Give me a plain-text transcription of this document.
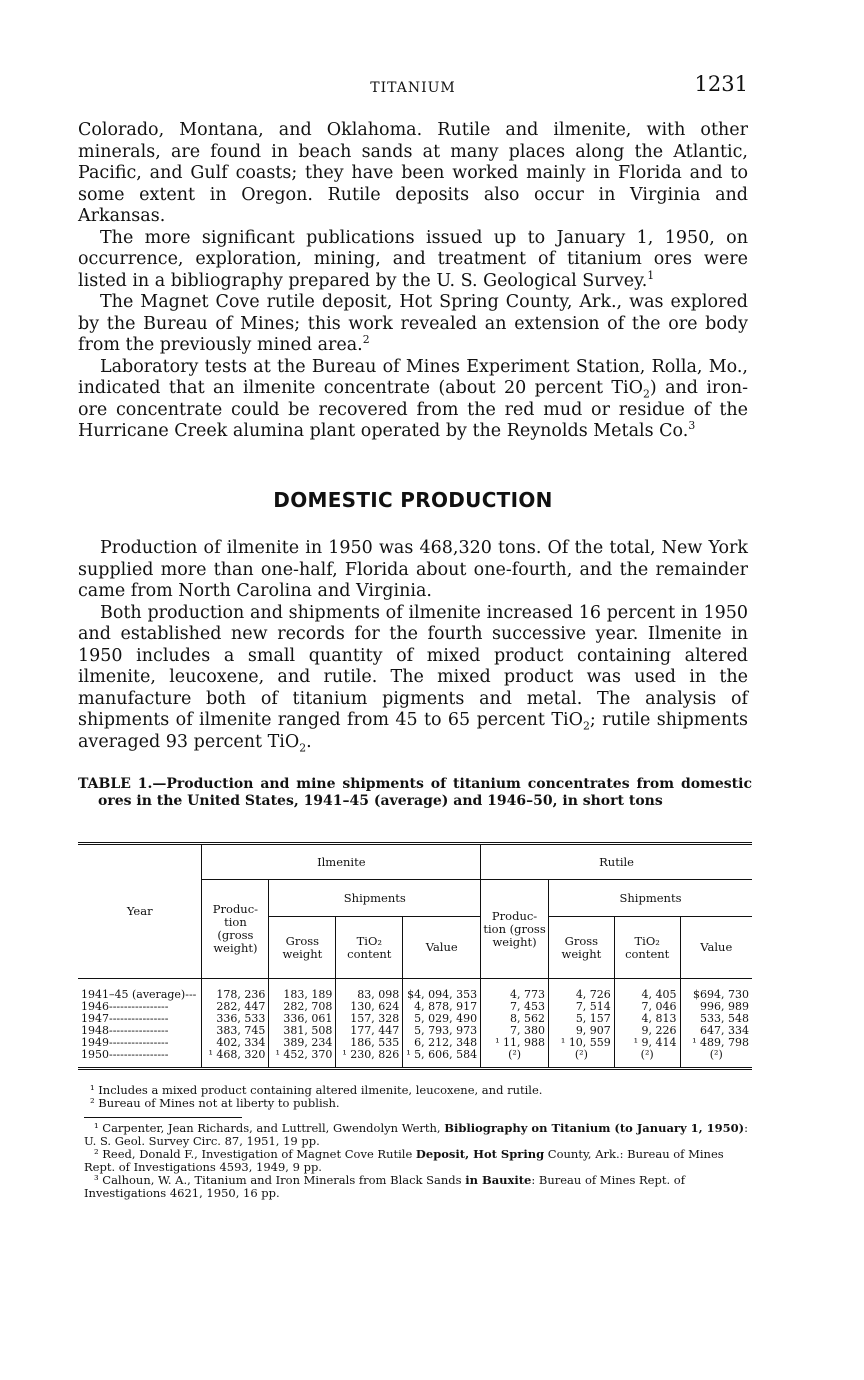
TITANIUM	1231

Colorado, Montana, and Oklahoma. Rutile and ilmenite, with other minerals, are found in beach sands at many places along the Atlantic, Pacific, and Gulf coasts; they have been worked mainly in Florida and to some extent in Oregon. Rutile deposits also occur in Virginia and Arkansas.

The more significant publications issued up to January 1, 1950, on occurrence, exploration, mining, and treatment of titanium ores were listed in a bibliography prepared by the U. S. Geological Survey.$^1$

The Magnet Cove rutile deposit, Hot Spring County, Ark., was explored by the Bureau of Mines; this work revealed an extension of the ore body from the previously mined area.$^2$

Laboratory tests at the Bureau of Mines Experiment Station, Rolla, Mo., indicated that an ilmenite concentrate (about 20 percent TiO$_2$) and iron-ore concentrate could be recovered from the red mud or residue of the Hurricane Creek alumina plant operated by the Reynolds Metals Co.$^3$

DOMESTIC PRODUCTION

Production of ilmenite in 1950 was 468,320 tons. Of the total, New York supplied more than one-half, Florida about one-fourth, and the remainder came from North Carolina and Virginia.

Both production and shipments of ilmenite increased 16 percent in 1950 and established new records for the fourth successive year. Ilmenite in 1950 includes a small quantity of mixed product containing altered ilmenite, leucoxene, and rutile. The mixed product was used in the manufacture both of titanium pigments and metal. The analysis of shipments of ilmenite ranged from 45 to 65 percent TiO$_2$; rutile shipments averaged 93 percent TiO$_2$.

TABLE 1.—Production and mine shipments of titanium concentrates from domestic ores in the United States, 1941–45 (average) and 1946–50, in short tons
Year	Ilmenite				Rutile			
	Produc-tion (gross weight)	Shipments			Produc-tion (gross weight)	Shipments		
		Gross weight	TiO₂ content	Value		Gross weight	TiO₂ content	Value
1941–45 (average)---	178, 236	183, 189	83, 098	$4, 094, 353	4, 773	4, 726	4, 405	$694, 730
1946----------------	282, 447	282, 708	130, 624	4, 878, 917	7, 453	7, 514	7, 046	996, 989
1947----------------	336, 533	336, 061	157, 328	5, 029, 490	8, 562	5, 157	4, 813	533, 548
1948----------------	383, 745	381, 508	177, 447	5, 793, 973	7, 380	9, 907	9, 226	647, 334
1949----------------	402, 334	389, 234	186, 535	6, 212, 348	¹ 11, 988	¹ 10, 559	¹ 9, 414	¹ 489, 798
1950----------------	¹ 468, 320	¹ 452, 370	¹ 230, 826	¹ 5, 606, 584	(²)	(²)	(²)	(²)

¹ Includes a mixed product containing altered ilmenite, leucoxene, and rutile.

² Bureau of Mines not at liberty to publish.

¹ Carpenter, Jean Richards, and Luttrell, Gwendolyn Werth, Bibliography on Titanium (to January 1, 1950): U. S. Geol. Survey Circ. 87, 1951, 19 pp.

² Reed, Donald F., Investigation of Magnet Cove Rutile Deposit, Hot Spring County, Ark.: Bureau of Mines Rept. of Investigations 4593, 1949, 9 pp.

³ Calhoun, W. A., Titanium and Iron Minerals from Black Sands in Bauxite: Bureau of Mines Rept. of Investigations 4621, 1950, 16 pp.
